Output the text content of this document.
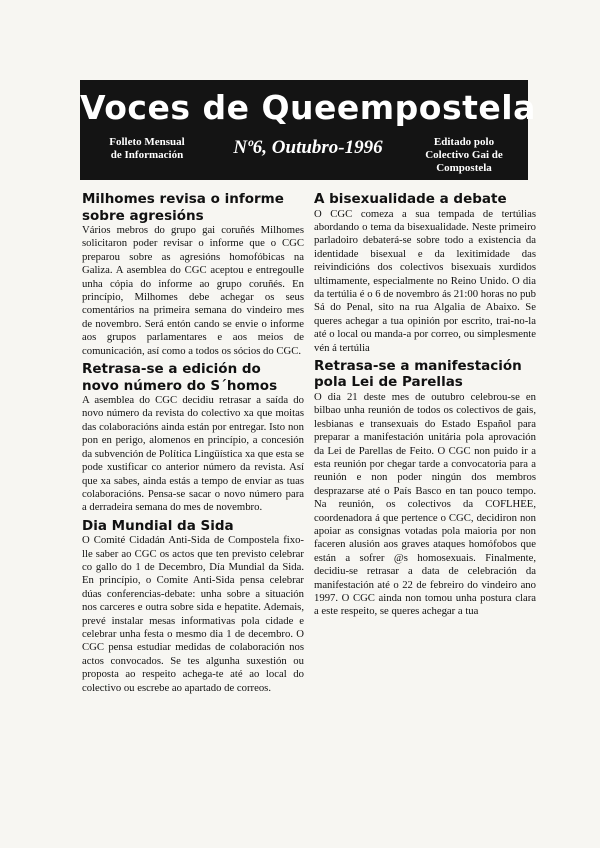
Voces de Queempostela
Folleto Mensual
de Información	Nº6, Outubro-1996	Editado polo
Colectivo Gai de
Compostela
Milhomes revisa o informe
sobre agresións

Vários mebros do grupo gai coruñés Milhomes solicitaron poder revisar o informe que o CGC preparou sobre as agresións homofóbicas na Galiza. A asemblea do CGC aceptou e entregoulle unha cópia do informe ao grupo coruñés. En princípio, Milhomes debe achegar os seus comentários na primeira semana do vindeiro mes de novembro. Será entón cando se envie o informe aos grupos parlamentares e aos meios de comunicación, así como a todos os sócios do CGC.

Retrasa-se a edición do
novo número do S´homos

A asemblea do CGC decidiu retrasar a saída do novo número da revista do colectivo xa que moitas das colaboracións ainda están por entregar. Isto non pon en perigo, alomenos en princípio, a concesión da subvención de Política Lingüística xa que esta se pode xustificar co anterior número da revista. Así que xa sabes, ainda estás a tempo de enviar as tuas colaboracións. Pensa-se sacar o novo número para a derradeira semana do mes de novembro.

Dia Mundial da Sida

O Comité Cidadán Anti-Sida de Compostela fixo-lle saber ao CGC os actos que ten previsto celebrar co gallo do 1 de Decembro, Día Mundial da Sida. En princípio, o Comite Anti-Sida pensa celebrar dúas conferencias-debate: unha sobre a situación nos carceres e outra sobre sida e hepatite. Ademais, prevé instalar mesas informativas pola cidade e celebrar unha festa o mesmo dia 1 de decembro. O CGC pensa estudiar medidas de colaboración nos actos convocados. Se tes algunha suxestión ou proposta ao respeito achega-te até ao local do colectivo ou escrebe ao apartado de correos.

A bisexualidade a debate

O CGC comeza a sua tempada de tertúlias abordando o tema da bisexualidade. Neste primeiro parladoiro debaterá-se sobre todo a existencia da identidade bisexual e da lexitimidade das reivindicións dos colectivos bisexuais xurdidos ultimamente, especialmente no Reino Unido. O dia da tertúlia é o 6 de novembro ás 21:00 horas no pub Sá do Penal, sito na rua Algalia de Abaixo. Se queres achegar a tua opinión por escrito, trai-no-la até o local ou manda-a por correo, ou simplesmente vén á tertúlia

Retrasa-se a manifestación
pola Lei de Parellas

O dia 21 deste mes de outubro celebrou-se en bilbao unha reunión de todos os colectivos de gais, lesbianas e transexuais do Estado Español para preparar a manifestación unitária pola aprovación da Lei de Parellas de Feito. O CGC non puido ir a esta reunión por chegar tarde a convocatoria para a reunión e non poder ningún dos membros desprazarse até o País Basco en tan pouco tempo. Na reunión, os colectivos da COFLHEE, coordenadora á que pertence o CGC, decidiron non apoiar as consignas votadas pola maioria por non faceren alusión aos graves ataques homófobos que están a sofrer @s homosexuais. Finalmente, decidiu-se retrasar a data de celebración da manifestación até o 22 de febreiro do vindeiro ano 1997. O CGC ainda non tomou unha postura clara a este respeito, se queres achegar a tua
